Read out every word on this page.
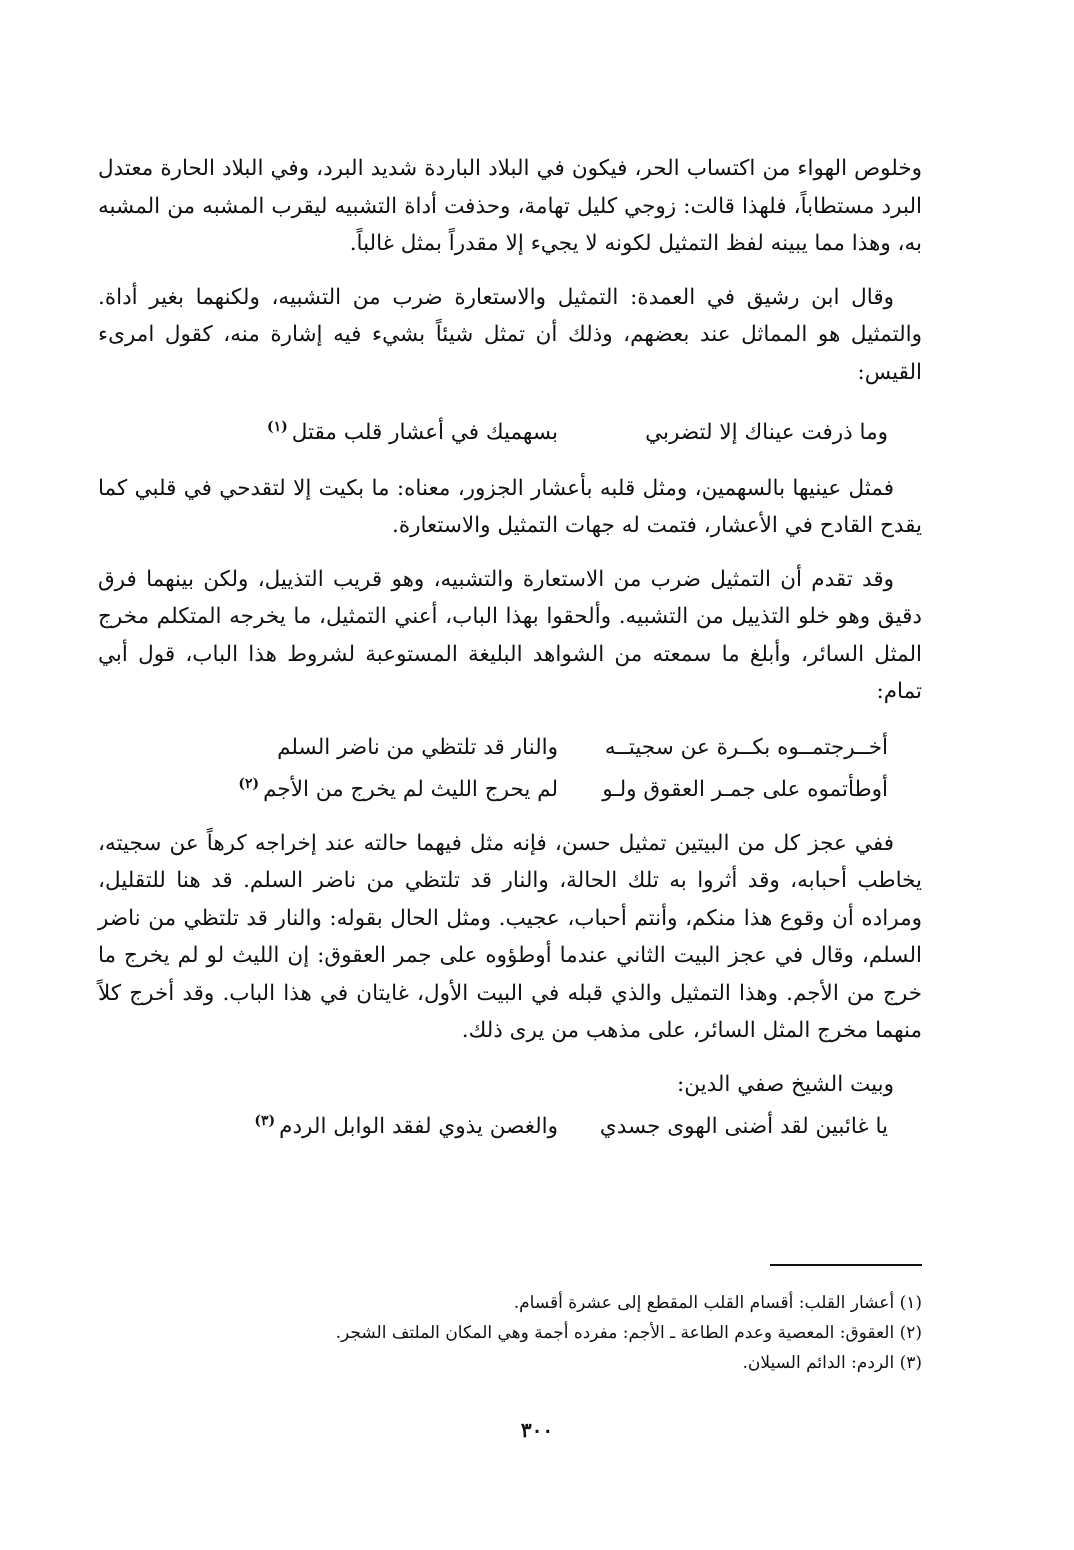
وخلوص الهواء من اكتساب الحر، فيكون في البلاد الباردة شديد البرد، وفي البلاد الحارة معتدل البرد مستطاباً، فلهذا قالت: زوجي كليل تهامة، وحذفت أداة التشبيه ليقرب المشبه من المشبه به، وهذا مما يبينه لفظ التمثيل لكونه لا يجيء إلا مقدراً بمثل غالباً.

وقال ابن رشيق في العمدة: التمثيل والاستعارة ضرب من التشبيه، ولكنهما بغير أداة. والتمثيل هو المماثل عند بعضهم، وذلك أن تمثل شيئاً بشيء فيه إشارة منه، كقول امرىء القيس:

وما ذرفت عيناك إلا لتضربي
بسهميك في أعشار قلب مقتل$^{(١)}$

فمثل عينيها بالسهمين، ومثل قلبه بأعشار الجزور، معناه: ما بكيت إلا لتقدحي في قلبي كما يقدح القادح في الأعشار، فتمت له جهات التمثيل والاستعارة.

وقد تقدم أن التمثيل ضرب من الاستعارة والتشبيه، وهو قريب التذييل، ولكن بينهما فرق دقيق وهو خلو التذييل من التشبيه. وألحقوا بهذا الباب، أعني التمثيل، ما يخرجه المتكلم مخرج المثل السائر، وأبلغ ما سمعته من الشواهد البليغة المستوعبة لشروط هذا الباب، قول أبي تمام:

أخــرجتمــوه بكــرة عن سجيتــه
والنار قد تلتظي من ناضر السلم
أوطأتموه على جمـر العقوق ولـو
لم يحرج الليث لم يخرج من الأجم$^{(٢)}$

ففي عجز كل من البيتين تمثيل حسن، فإنه مثل فيهما حالته عند إخراجه كرهاً عن سجيته، يخاطب أحبابه، وقد أثروا به تلك الحالة، والنار قد تلتظي من ناضر السلم. قد هنا للتقليل، ومراده أن وقوع هذا منكم، وأنتم أحباب، عجيب. ومثل الحال بقوله: والنار قد تلتظي من ناضر السلم، وقال في عجز البيت الثاني عندما أوطؤوه على جمر العقوق: إن الليث لو لم يخرج ما خرج من الأجم. وهذا التمثيل والذي قبله في البيت الأول، غايتان في هذا الباب. وقد أخرج كلاً منهما مخرج المثل السائر، على مذهب من يرى ذلك.

وبيت الشيخ صفي الدين:

يا غائبين لقد أضنى الهوى جسدي
والغصن يذوي لفقد الوابل الردم$^{(٣)}$

(١) أعشار القلب: أقسام القلب المقطع إلى عشرة أقسام.

(٢) العقوق: المعصية وعدم الطاعة ـ الأجم: مفرده أجمة وهي المكان الملتف الشجر.

(٣) الردم: الدائم السيلان.

٣٠٠
